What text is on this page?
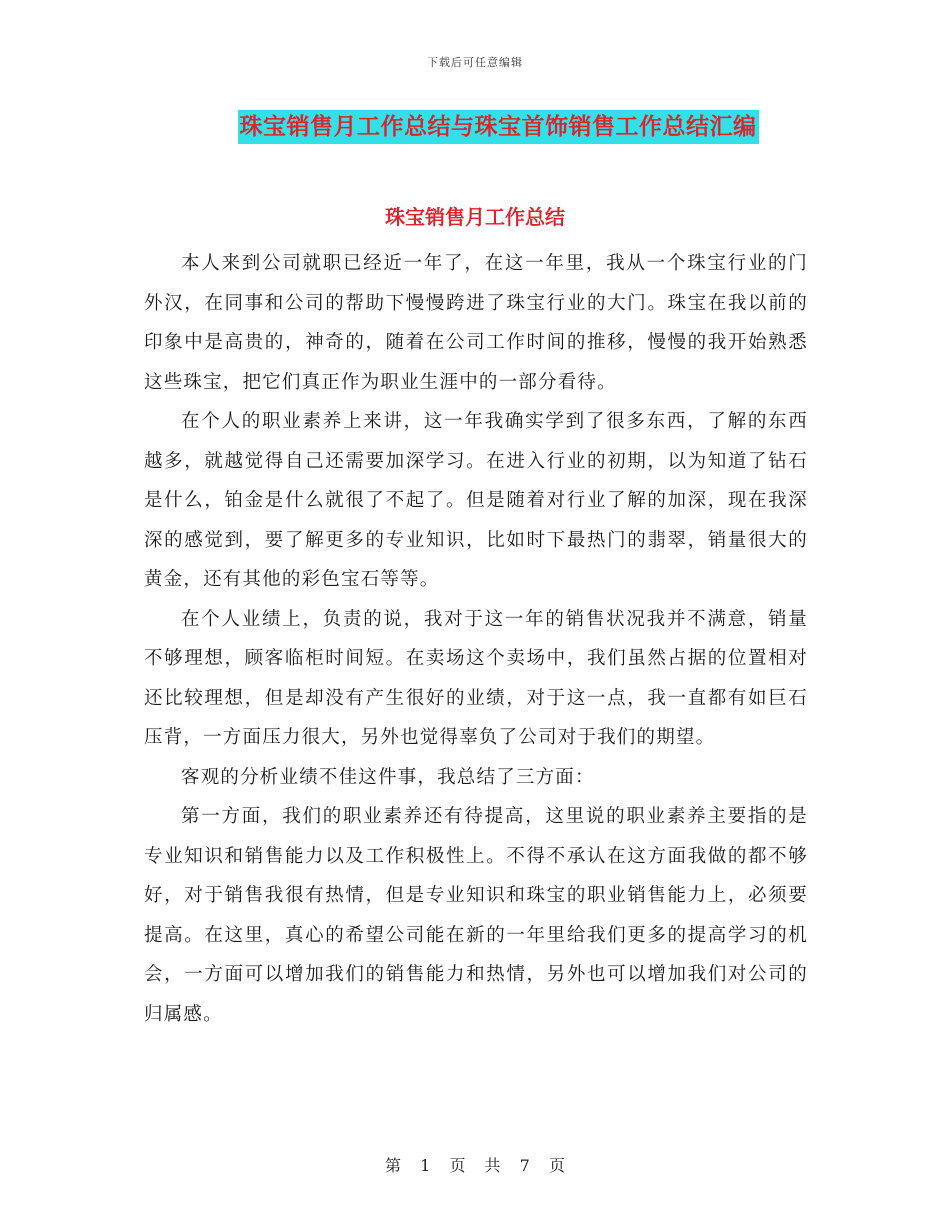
下载后可任意编辑
珠宝销售月工作总结与珠宝首饰销售工作总结汇编
珠宝销售月工作总结

本人来到公司就职已经近一年了，在这一年里，我从一个珠宝行业的门外汉，在同事和公司的帮助下慢慢跨进了珠宝行业的大门。珠宝在我以前的印象中是高贵的，神奇的，随着在公司工作时间的推移，慢慢的我开始熟悉这些珠宝，把它们真正作为职业生涯中的一部分看待。

在个人的职业素养上来讲，这一年我确实学到了很多东西，了解的东西越多，就越觉得自己还需要加深学习。在进入行业的初期，以为知道了钻石是什么，铂金是什么就很了不起了。但是随着对行业了解的加深，现在我深深的感觉到，要了解更多的专业知识，比如时下最热门的翡翠，销量很大的黄金，还有其他的彩色宝石等等。

在个人业绩上，负责的说，我对于这一年的销售状况我并不满意，销量不够理想，顾客临柜时间短。在卖场这个卖场中，我们虽然占据的位置相对还比较理想，但是却没有产生很好的业绩，对于这一点，我一直都有如巨石压背，一方面压力很大，另外也觉得辜负了公司对于我们的期望。

客观的分析业绩不佳这件事，我总结了三方面：

第一方面，我们的职业素养还有待提高，这里说的职业素养主要指的是专业知识和销售能力以及工作积极性上。不得不承认在这方面我做的都不够好，对于销售我很有热情，但是专业知识和珠宝的职业销售能力上，必须要提高。在这里，真心的希望公司能在新的一年里给我们更多的提高学习的机会，一方面可以增加我们的销售能力和热情，另外也可以增加我们对公司的归属感。

第 1 页 共 7 页
